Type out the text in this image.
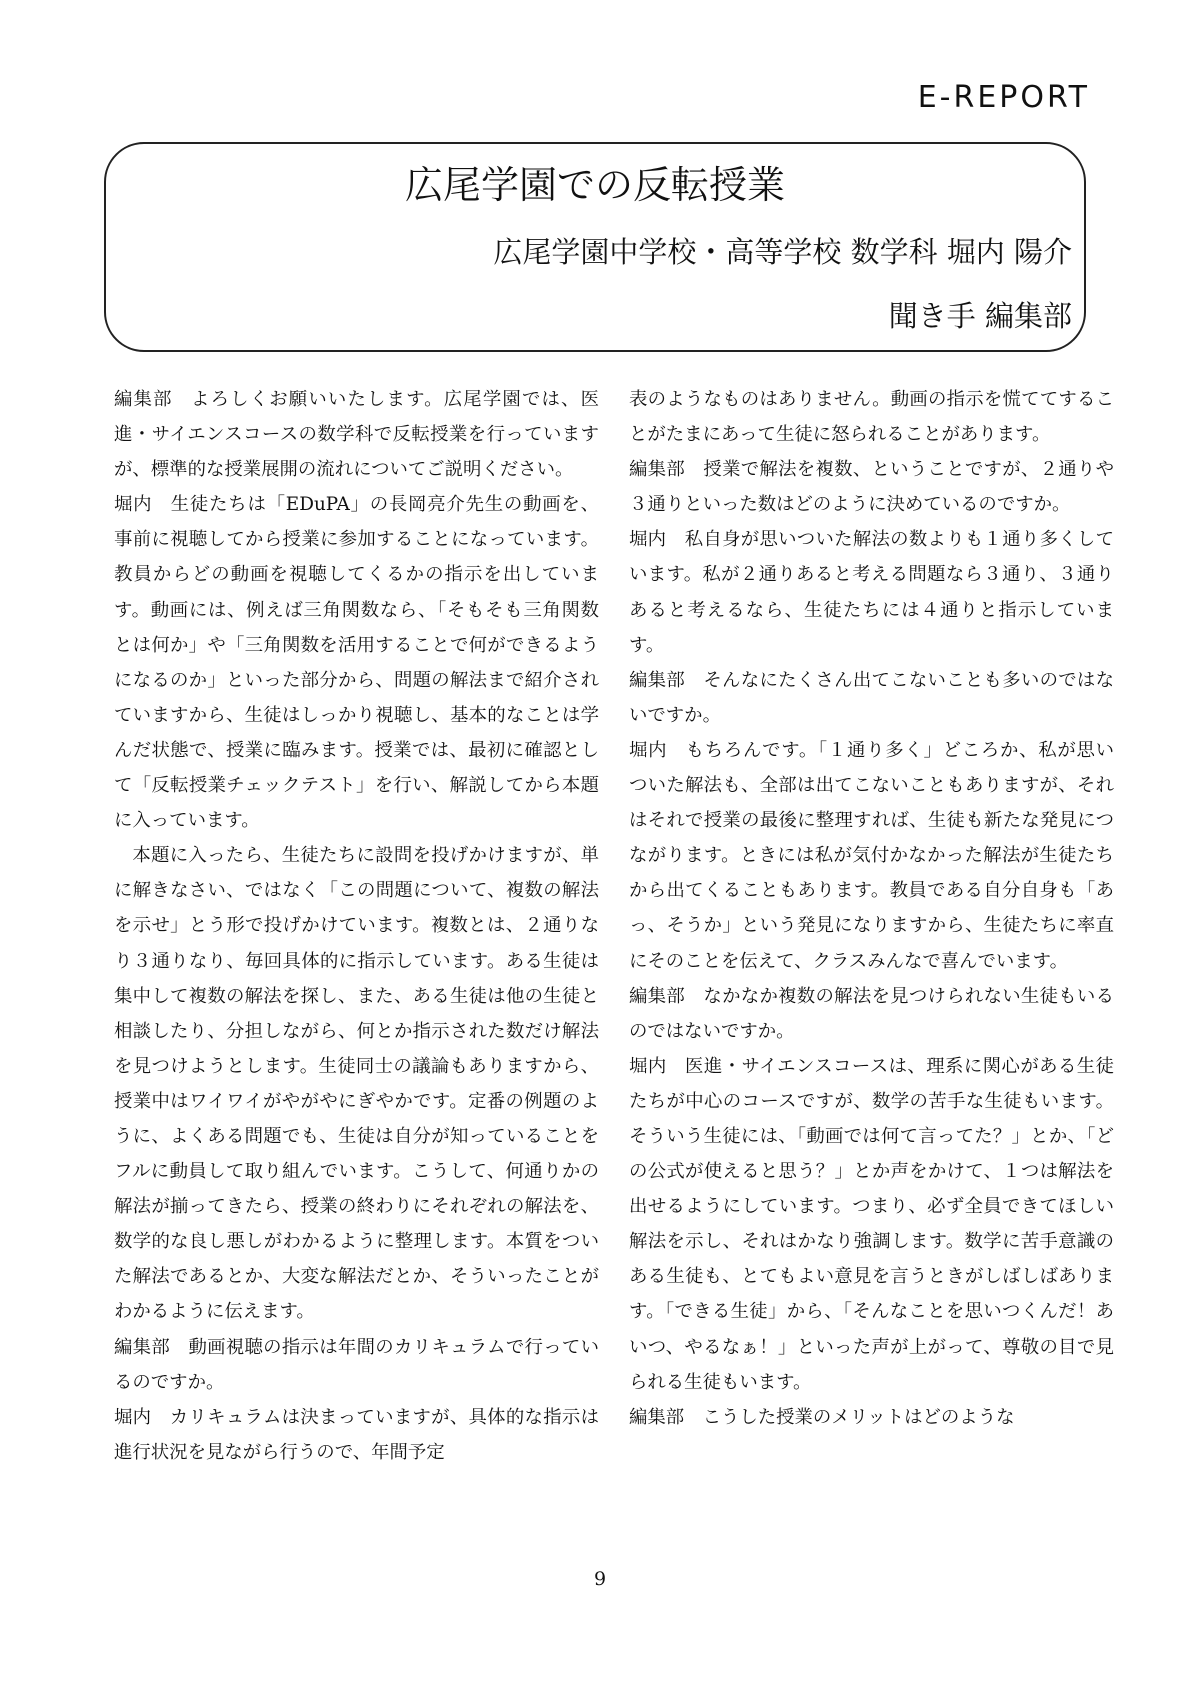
E-REPORT
広尾学園での反転授業
広尾学園中学校・高等学校 数学科 堀内 陽介
聞き手 編集部

編集部 よろしくお願いいたします。広尾学園では、医進・サイエンスコースの数学科で反転授業を行っていますが、標準的な授業展開の流れについてご説明ください。

堀内 生徒たちは「EDuPA」の長岡亮介先生の動画を、事前に視聴してから授業に参加することになっています。教員からどの動画を視聴してくるかの指示を出しています。動画には、例えば三角関数なら、「そもそも三角関数とは何か」や「三角関数を活用することで何ができるようになるのか」といった部分から、問題の解法まで紹介されていますから、生徒はしっかり視聴し、基本的なことは学んだ状態で、授業に臨みます。授業では、最初に確認として「反転授業チェックテスト」を行い、解説してから本題に入っています。

本題に入ったら、生徒たちに設問を投げかけますが、単に解きなさい、ではなく「この問題について、複数の解法を示せ」とう形で投げかけています。複数とは、２通りなり３通りなり、毎回具体的に指示しています。ある生徒は集中して複数の解法を探し、また、ある生徒は他の生徒と相談したり、分担しながら、何とか指示された数だけ解法を見つけようとします。生徒同士の議論もありますから、授業中はワイワイがやがやにぎやかです。定番の例題のように、よくある問題でも、生徒は自分が知っていることをフルに動員して取り組んでいます。こうして、何通りかの解法が揃ってきたら、授業の終わりにそれぞれの解法を、数学的な良し悪しがわかるように整理します。本質をついた解法であるとか、大変な解法だとか、そういったことがわかるように伝えます。

編集部 動画視聴の指示は年間のカリキュラムで行っているのですか。

堀内 カリキュラムは決まっていますが、具体的な指示は進行状況を見ながら行うので、年間予定

表のようなものはありません。動画の指示を慌ててすることがたまにあって生徒に怒られることがあります。

編集部 授業で解法を複数、ということですが、２通りや３通りといった数はどのように決めているのですか。

堀内 私自身が思いついた解法の数よりも１通り多くしています。私が２通りあると考える問題なら３通り、３通りあると考えるなら、生徒たちには４通りと指示しています。

編集部 そんなにたくさん出てこないことも多いのではないですか。

堀内 もちろんです。「１通り多く」どころか、私が思いついた解法も、全部は出てこないこともありますが、それはそれで授業の最後に整理すれば、生徒も新たな発見につながります。ときには私が気付かなかった解法が生徒たちから出てくることもあります。教員である自分自身も「あっ、そうか」という発見になりますから、生徒たちに率直にそのことを伝えて、クラスみんなで喜んでいます。

編集部 なかなか複数の解法を見つけられない生徒もいるのではないですか。

堀内 医進・サイエンスコースは、理系に関心がある生徒たちが中心のコースですが、数学の苦手な生徒もいます。そういう生徒には、「動画では何て言ってた？」とか、「どの公式が使えると思う？」とか声をかけて、１つは解法を出せるようにしています。つまり、必ず全員できてほしい解法を示し、それはかなり強調します。数学に苦手意識のある生徒も、とてもよい意見を言うときがしばしばあります。「できる生徒」から、「そんなことを思いつくんだ！あいつ、やるなぁ！」といった声が上がって、尊敬の目で見られる生徒もいます。

編集部 こうした授業のメリットはどのような

9
